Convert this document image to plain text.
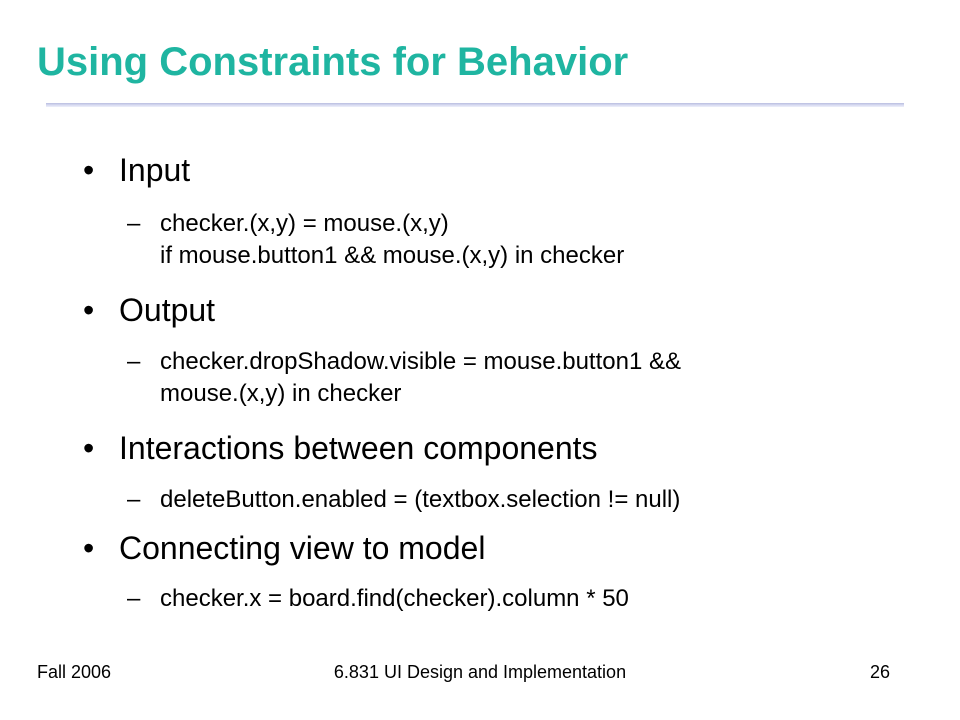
Using Constraints for Behavior
• Input
– checker.(x,y) = mouse.(x,y)
if mouse.button1 && mouse.(x,y) in checker
• Output
– checker.dropShadow.visible = mouse.button1 &&
mouse.(x,y) in checker
• Interactions between components
– deleteButton.enabled = (textbox.selection != null)
• Connecting view to model
– checker.x = board.find(checker).column * 50
6.831 UI Design and Implementation
Fall 2006	26
